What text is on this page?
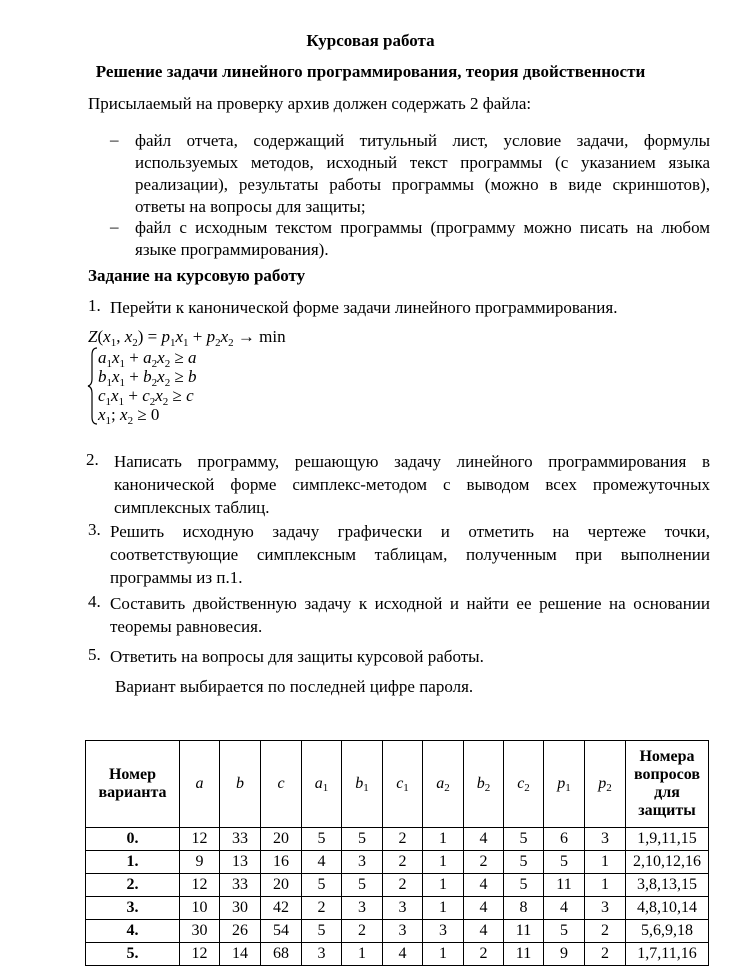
Курсовая работа
Решение задачи линейного программирования, теория двойственности
Присылаемый на проверку архив должен содержать 2 файла:
– файл отчета, содержащий титульный лист, условие задачи, формулы используемых методов, исходный текст программы (с указанием языка реализации), результаты работы программы (можно в виде скриншотов), ответы на вопросы для защиты;
– файл с исходным текстом программы (программу можно писать на любом языке программирования).
Задание на курсовую работу
1. Перейти к канонической форме задачи линейного программирования.
$Z(x_1$, $x_2) = p_1x_1 + p_2x_2 \to \min$
$a_1x_1 + a_2x_2 \ge a$
$b_1x_1 + b_2x_2 \ge b$
$c_1x_1 + c_2x_2 \ge c$
$x_1$; $x_2 \ge 0$
2. Написать программу, решающую задачу линейного программирования в канонической форме симплекс-методом с выводом всех промежуточных симплексных таблиц.
3. Решить исходную задачу графически и отметить на чертеже точки, соответствующие симплексным таблицам, полученным при выполнении программы из п.1.
4. Составить двойственную задачу к исходной и найти ее решение на основании теоремы равновесия.
5. Ответить на вопросы для защиты курсовой работы.
Вариант выбирается по последней цифре пароля.
Номер варианта	a	b	c	$a_1$	$b_1$	$c_1$	$a_2$	$b_2$	$c_2$	$p_1$	$p_2$	Номера вопросов для защиты
0.	12	33	20	5	5	2	1	4	5	6	3	1,9,11,15
1.	9	13	16	4	3	2	1	2	5	5	1	2,10,12,16
2.	12	33	20	5	5	2	1	4	5	11	1	3,8,13,15
3.	10	30	42	2	3	3	1	4	8	4	3	4,8,10,14
4.	30	26	54	5	2	3	3	4	11	5	2	5,6,9,18
5.	12	14	68	3	1	4	1	2	11	9	2	1,7,11,16
